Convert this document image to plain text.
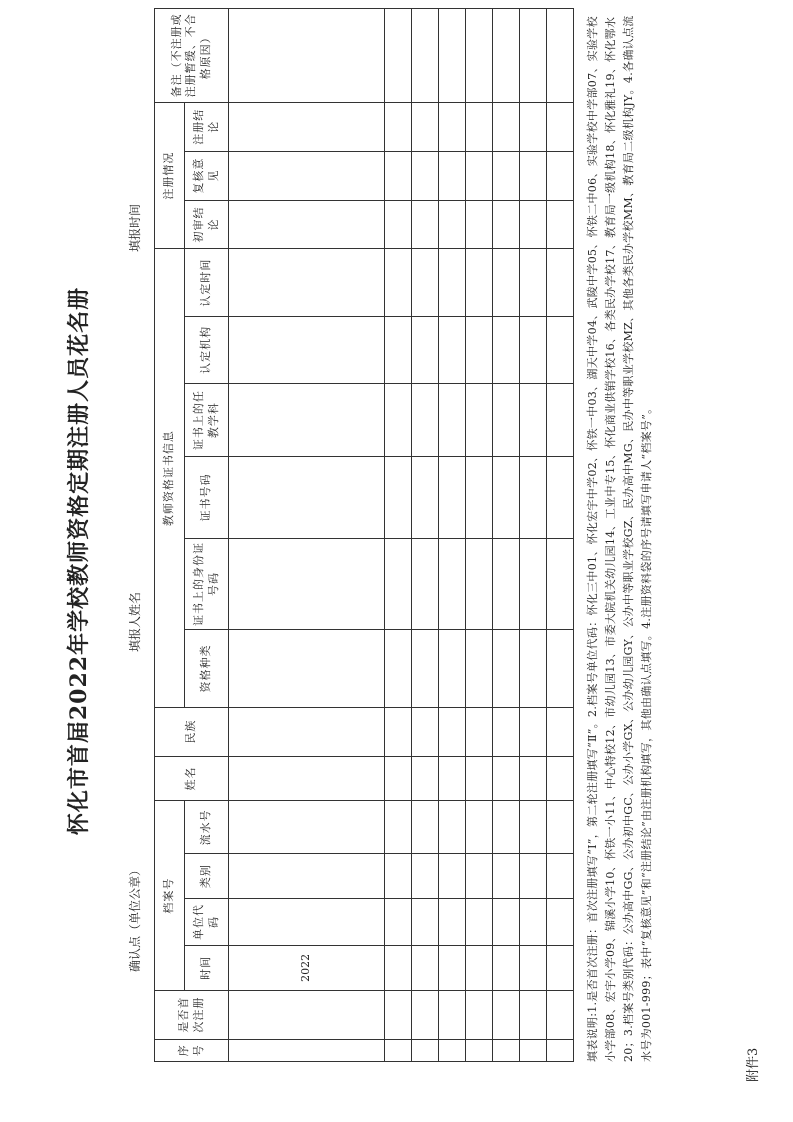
附件3
怀化市首届2022年学校教师资格定期注册人员花名册
确认点（单位公章）
填报人姓名
填报时间
序号	是否首次注册	档案号				姓名	民族	教师资格证书信息						注册情况			备注（不注册或注册暂缓、不合格原因）
		时间	单位代码	类别	流水号			资格种类	证书上的身份证号码	证书号码	证书上的任教学科	认定机构	认定时间	初审结论	复核意见	注册结论	
		2022															

																		填表说明:1.是否首次注册：首次注册填写“Ⅰ”，第二轮注册填写“Ⅱ”。2.档案号单位代码：怀化三中01、怀化宏宇中学02、怀铁一中03、湖天中学04、武陵中学05、怀铁二中06、实验学校中学部07、实验学校小学部08、宏宇小学09、锦溪小学10、怀铁一小11、中心特校12、市幼儿园13、市委大院机关幼儿园14、工业中专15、怀化商业供销学校16、各类民办学校17、教育局一级机构18、怀化雅礼19、怀化鄂水20；3.档案号类别代码：公办高中GG、公办初中GC、公办小学GX、公办幼儿园GY、公办中等职业学校GZ、民办高中MG、民办中等职业学校MZ、其他各类民办学校MM、教育局二级机构JY。4.各确认点流水号为001-999；表中“复核意见”和“注册结论”由注册机构填写，其他由确认点填写。4.注册资料袋的序号请填写申请人“档案号”。
